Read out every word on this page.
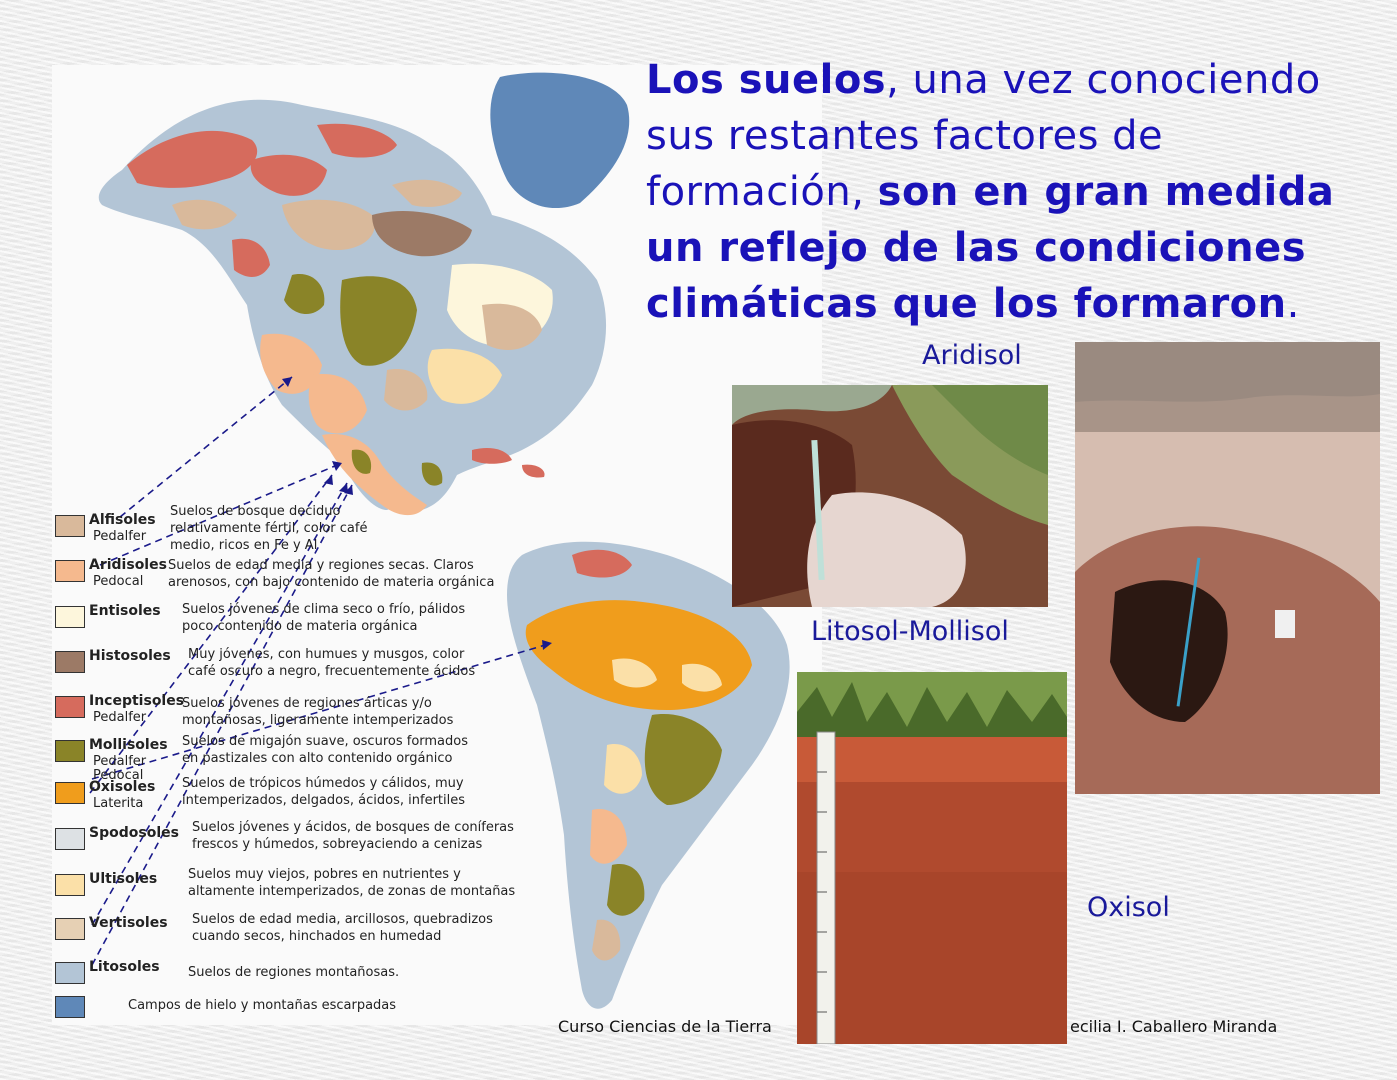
Alfisoles
Pedalfer
Suelos de bosque deciduo
relativamente fértil, color café
medio, ricos en Fe y Al
Aridisoles
Pedocal
Suelos de edad media y regiones secas. Claros
arenosos, con bajo contenido de materia orgánica
Entisoles Suelos jóvenes de clima seco o frío, pálidos
poco contenido de materia orgánica
Histosoles Muy jóvenes, con humues y musgos, color
café oscuro a negro, frecuentemente ácidos
Inceptisoles
Pedalfer
Suelos jóvenes de regiones árticas y/o
montañosas, ligeramente intemperizados
Mollisoles
Pedalfer
Pedocal
Suelos de migajón suave, oscuros formados
en pastizales con alto contenido orgánico
Oxisoles
Laterita
Suelos de trópicos húmedos y cálidos, muy
intemperizados, delgados, ácidos, infertiles
Spodosoles Suelos jóvenes y ácidos, de bosques de coníferas
frescos y húmedos, sobreyaciendo a cenizas
Ultisoles Suelos muy viejos, pobres en nutrientes y
altamente intemperizados, de zonas de montañas
Vertisoles Suelos de edad media, arcillosos, quebradizos
cuando secos, hinchados en humedad
Litosoles Suelos de regiones montañosas.
Campos de hielo y montañas escarpadas
Los suelos, una vez conociendo sus restantes factores de formación, son en gran medida un reflejo de las condiciones climáticas que los formaron.
Aridisol
Litosol-Mollisol
Oxisol
Curso Ciencias de la Tierra	ecilia I. Caballero Miranda
